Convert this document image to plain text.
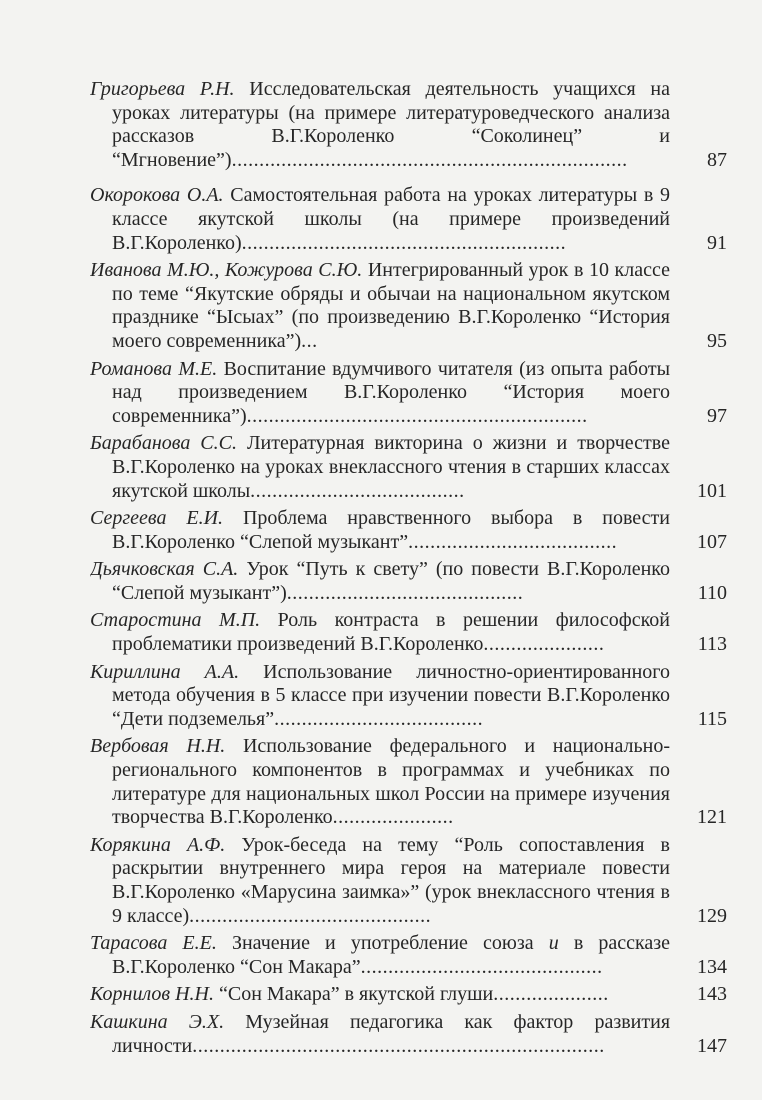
Григорьева Р.Н. Исследовательская деятельность учащихся на уроках литературы (на примере литературоведческого анализа рассказов В.Г.Короленко “Соколинец” и “Мгновение”)........................................................................	87
Окорокова О.А. Самостоятельная работа на уроках литературы в 9 классе якутской школы (на примере произведений В.Г.Короленко)...........................................................	91
Иванова М.Ю., Кожурова С.Ю. Интегрированный урок в 10 классе по теме “Якутские обряды и обычаи на национальном якутском празднике “Ысыах” (по произведению В.Г.Короленко “История моего современника”)...	95
Романова М.Е. Воспитание вдумчивого читателя (из опыта работы над произведением В.Г.Короленко “История моего современника”)..............................................................	97
Барабанова С.С. Литературная викторина о жизни и творчестве В.Г.Короленко на уроках внеклассного чтения в старших классах якутской школы.......................................	101
Сергеева Е.И. Проблема нравственного выбора в повести В.Г.Короленко “Слепой музыкант”......................................	107
Дьячковская С.А. Урок “Путь к свету” (по повести В.Г.Короленко “Слепой музыкант”)...........................................	110
Старостина М.П. Роль контраста в решении философской проблематики произведений В.Г.Короленко......................	113
Кириллина А.А. Использование личностно-ориентированного метода обучения в 5 классе при изучении повести В.Г.Короленко “Дети подземелья”......................................	115
Вербовая Н.Н. Использование федерального и национально-регионального компонентов в программах и учебниках по литературе для национальных школ России на примере изучения творчества В.Г.Короленко......................	121
Корякина А.Ф. Урок-беседа на тему “Роль сопоставления в раскрытии внутреннего мира героя на материале повести В.Г.Короленко «Марусина заимка»” (урок внеклассного чтения в 9 классе)............................................	129
Тарасова Е.Е. Значение и употребление союза и в рассказе В.Г.Короленко “Сон Макара”............................................	134
Корнилов Н.Н. “Сон Макара” в якутской глуши.....................	143
Кашкина Э.Х. Музейная педагогика как фактор развития личности...........................................................................	147
